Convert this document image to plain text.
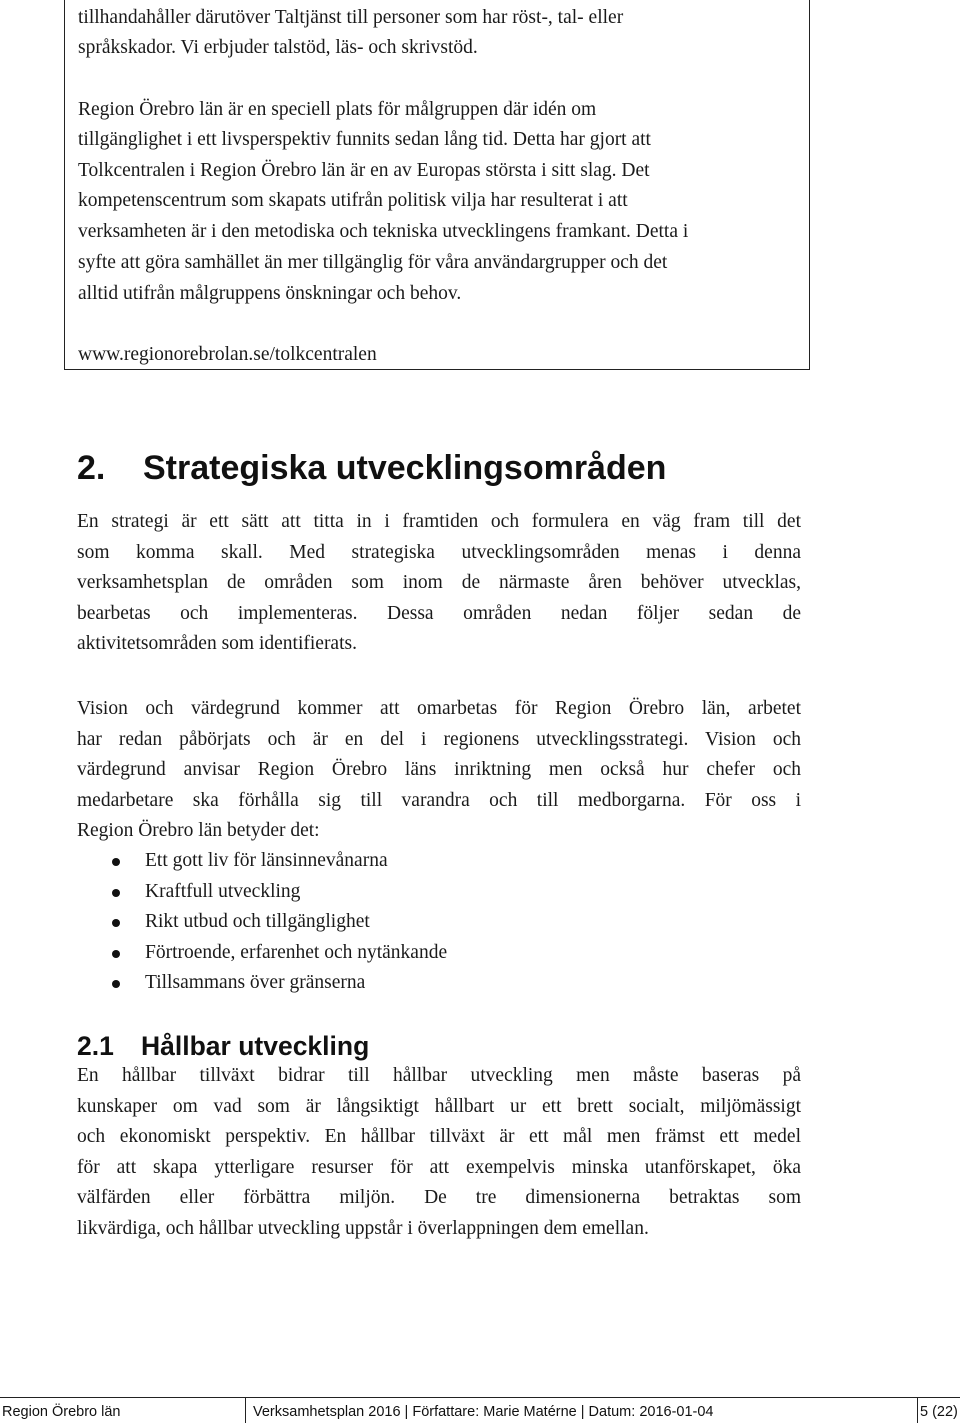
tillhandahåller därutöver Taltjänst till personer som har röst-, tal- eller
språkskador. Vi erbjuder talstöd, läs- och skrivstöd.
Region Örebro län är en speciell plats för målgruppen där idén om
tillgänglighet i ett livsperspektiv funnits sedan lång tid. Detta har gjort att
Tolkcentralen i Region Örebro län är en av Europas största i sitt slag. Det
kompetenscentrum som skapats utifrån politisk vilja har resulterat i att
verksamheten är i den metodiska och tekniska utvecklingens framkant. Detta i
syfte att göra samhället än mer tillgänglig för våra användargrupper och det
alltid utifrån målgruppens önskningar och behov.
www.regionorebrolan.se/tolkcentralen
2. Strategiska utvecklingsområden
En strategi är ett sätt att titta in i framtiden och formulera en väg fram till det
som komma skall. Med strategiska utvecklingsområden menas i denna
verksamhetsplan de områden som inom de närmaste åren behöver utvecklas,
bearbetas och implementeras. Dessa områden nedan följer sedan de
aktivitetsområden som identifierats.
Vision och värdegrund kommer att omarbetas för Region Örebro län, arbetet
har redan påbörjats och är en del i regionens utvecklingsstrategi. Vision och
värdegrund anvisar Region Örebro läns inriktning men också hur chefer och
medarbetare ska förhålla sig till varandra och till medborgarna. För oss i
Region Örebro län betyder det:
Ett gott liv för länsinnevånarna
Kraftfull utveckling
Rikt utbud och tillgänglighet
Förtroende, erfarenhet och nytänkande
Tillsammans över gränserna
2.1 Hållbar utveckling
En hållbar tillväxt bidrar till hållbar utveckling men måste baseras på
kunskaper om vad som är långsiktigt hållbart ur ett brett socialt, miljömässigt
och ekonomiskt perspektiv. En hållbar tillväxt är ett mål men främst ett medel
för att skapa ytterligare resurser för att exempelvis minska utanförskapet, öka
välfärden eller förbättra miljön. De tre dimensionerna betraktas som
likvärdiga, och hållbar utveckling uppstår i överlappningen dem emellan.
Region Örebro län	Verksamhetsplan 2016 | Författare: Marie Matérne | Datum: 2016-01-04	5 (22)
